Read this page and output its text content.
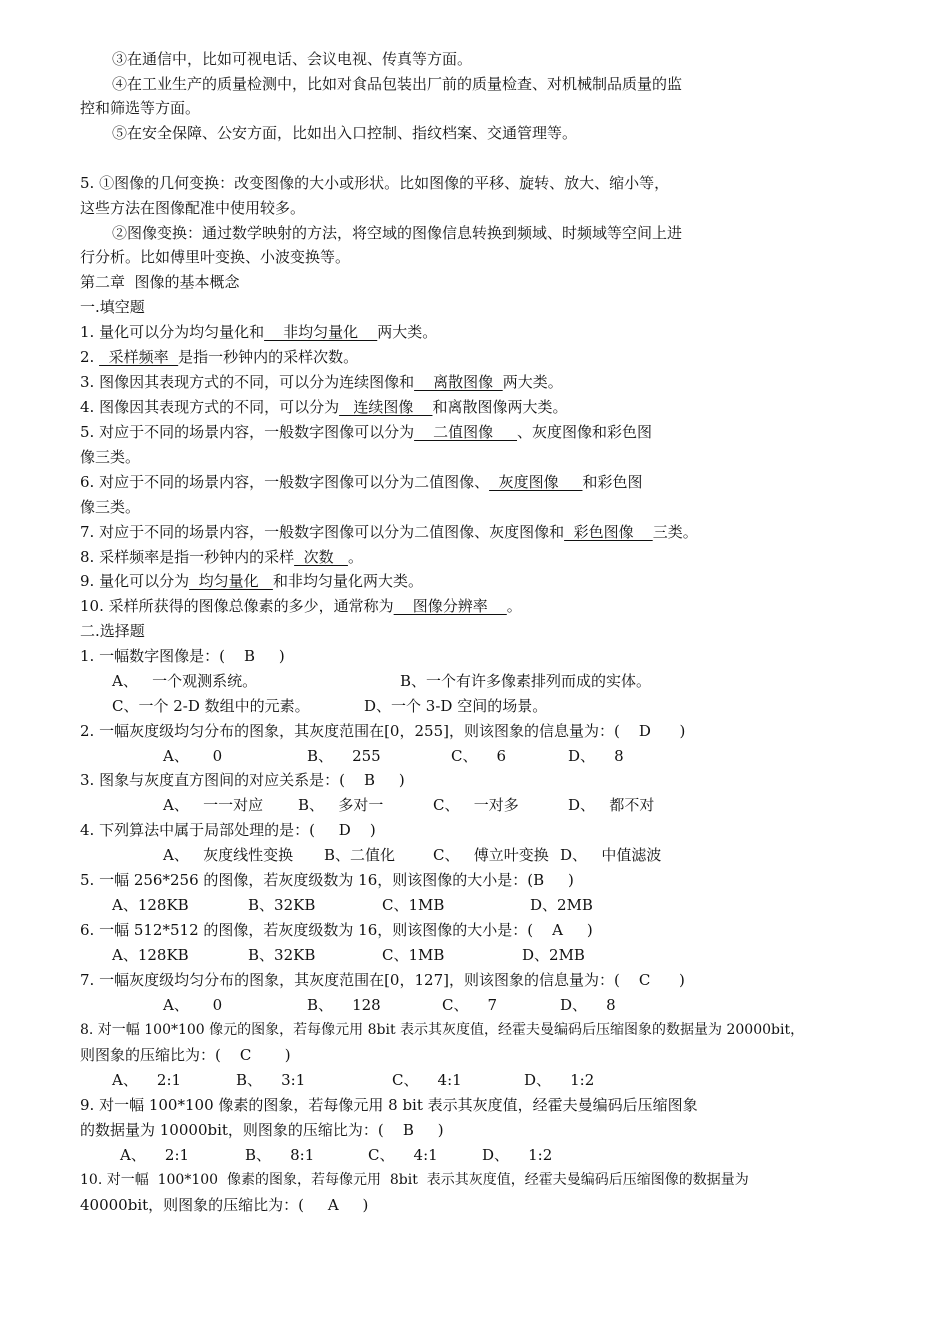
③在通信中，比如可视电话、会议电视、传真等方面。
④在工业生产的质量检测中，比如对食品包装出厂前的质量检查、对机械制品质量的监
控和筛选等方面。
⑤在安全保障、公安方面，比如出入口控制、指纹档案、交通管理等。
5. ①图像的几何变换：改变图像的大小或形状。比如图像的平移、旋转、放大、缩小等，
这些方法在图像配准中使用较多。
②图像变换：通过数学映射的方法，将空域的图像信息转换到频域、时频域等空间上进
行分析。比如傅里叶变换、小波变换等。
第二章  图像的基本概念
一.填空题
1. 量化可以分为均匀量化和    非均匀量化    两大类。
2.   采样频率  是指一秒钟内的采样次数。
3. 图像因其表现方式的不同，可以分为连续图像和    离散图像  两大类。
4. 图像因其表现方式的不同，可以分为   连续图像    和离散图像两大类。
5. 对应于不同的场景内容，一般数字图像可以分为    二值图像     、灰度图像和彩色图
像三类。
6. 对应于不同的场景内容，一般数字图像可以分为二值图像、  灰度图像     和彩色图
像三类。
7. 对应于不同的场景内容，一般数字图像可以分为二值图像、灰度图像和  彩色图像    三类。
8. 采样频率是指一秒钟内的采样  次数   。
9. 量化可以分为  均匀量化   和非均匀量化两大类。
10. 采样所获得的图像总像素的多少，通常称为    图像分辨率    。
二.选择题
1. 一幅数字图像是：(    B     )
A、   一个观测系统。	B、一个有许多像素排列而成的实体。
C、一个 2-D 数组中的元素。	D、一个 3-D 空间的场景。
2. 一幅灰度级均匀分布的图象，其灰度范围在[0，255]，则该图象的信息量为：(    D      )
A、     0	B、    255	C、    6	D、    8
3. 图象与灰度直方图间的对应关系是：(    B     )
A、   一一对应 B、   多对一	C、   一对多	D、   都不对
4. 下列算法中属于局部处理的是：(     D    )
A、   灰度线性变换 B、二值化	C、   傅立叶变换 D、   中值滤波
5. 一幅 256*256 的图像，若灰度级数为 16，则该图像的大小是：(B     )
A、128KB	B、32KB	C、1MB	D、2MB
6. 一幅 512*512 的图像，若灰度级数为 16，则该图像的大小是：(    A     )
A、128KB	B、32KB	C、1MB	D、2MB
7. 一幅灰度级均匀分布的图象，其灰度范围在[0，127]，则该图象的信息量为：(    C      )
A、     0	B、    128	C、    7	D、    8
8. 对一幅 100*100 像元的图象，若每像元用 8bit 表示其灰度值，经霍夫曼编码后压缩图象的数据量为 20000bit，
则图象的压缩比为：(    C       )
A、    2:1	B、    3:1	C、    4:1	D、    1:2
9. 对一幅 100*100 像素的图象，若每像元用 8 bit 表示其灰度值，经霍夫曼编码后压缩图象
的数据量为 10000bit，则图象的压缩比为：(    B     )
A、    2:1	B、    8:1	C、    4:1	D、    1:2
10. 对一幅  100*100  像素的图象，若每像元用  8bit  表示其灰度值，经霍夫曼编码后压缩图像的数据量为
40000bit，则图象的压缩比为：(     A     )
